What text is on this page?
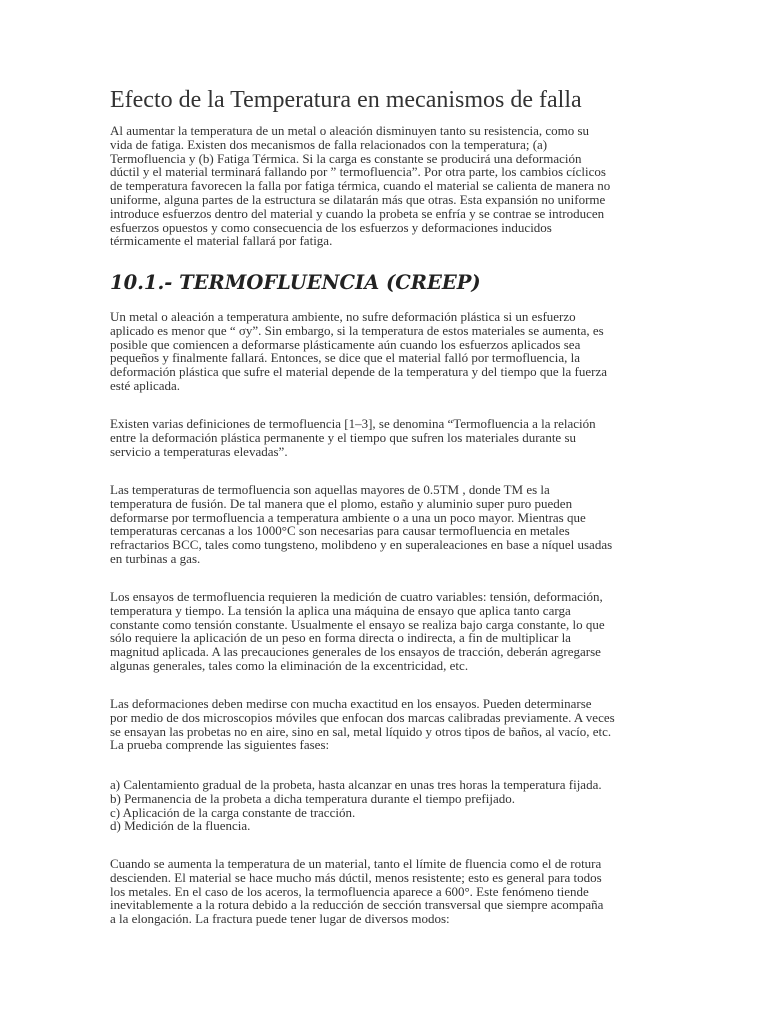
Efecto de la Temperatura en mecanismos de falla

Al aumentar la temperatura de un metal o aleación disminuyen tanto su resistencia, como su
vida de fatiga. Existen dos mecanismos de falla relacionados con la temperatura; (a)
Termofluencia y (b) Fatiga Térmica. Si la carga es constante se producirá una deformación
dúctil y el material terminará fallando por ” termofluencia”. Por otra parte, los cambios cíclicos
de temperatura favorecen la falla por fatiga térmica, cuando el material se calienta de manera no
uniforme, alguna partes de la estructura se dilatarán más que otras. Esta expansión no uniforme
introduce esfuerzos dentro del material y cuando la probeta se enfría y se contrae se introducen
esfuerzos opuestos y como consecuencia de los esfuerzos y deformaciones inducidos
térmicamente el material fallará por fatiga.

10.1.- TERMOFLUENCIA (CREEP)

Un metal o aleación a temperatura ambiente, no sufre deformación plástica si un esfuerzo
aplicado es menor que “ σy”. Sin embargo, si la temperatura de estos materiales se aumenta, es
posible que comiencen a deformarse plásticamente aún cuando los esfuerzos aplicados sea
pequeños y finalmente fallará. Entonces, se dice que el material falló por termofluencia, la
deformación plástica que sufre el material depende de la temperatura y del tiempo que la fuerza
esté aplicada.

Existen varias definiciones de termofluencia [1–3], se denomina “Termofluencia a la relación
entre la deformación plástica permanente y el tiempo que sufren los materiales durante su
servicio a temperaturas elevadas”.

Las temperaturas de termofluencia son aquellas mayores de 0.5TM , donde TM es la
temperatura de fusión. De tal manera que el plomo, estaño y aluminio super puro pueden
deformarse por termofluencia a temperatura ambiente o a una un poco mayor. Mientras que
temperaturas cercanas a los 1000°C son necesarias para causar termofluencia en metales
refractarios BCC, tales como tungsteno, molibdeno y en superaleaciones en base a níquel usadas
en turbinas a gas.

Los ensayos de termofluencia requieren la medición de cuatro variables: tensión, deformación,
temperatura y tiempo. La tensión la aplica una máquina de ensayo que aplica tanto carga
constante como tensión constante. Usualmente el ensayo se realiza bajo carga constante, lo que
sólo requiere la aplicación de un peso en forma directa o indirecta, a fin de multiplicar la
magnitud aplicada. A las precauciones generales de los ensayos de tracción, deberán agregarse
algunas generales, tales como la eliminación de la excentricidad, etc.

Las deformaciones deben medirse con mucha exactitud en los ensayos. Pueden determinarse
por medio de dos microscopios móviles que enfocan dos marcas calibradas previamente. A veces
se ensayan las probetas no en aire, sino en sal, metal líquido y otros tipos de baños, al vacío, etc.
La prueba comprende las siguientes fases:

a) Calentamiento gradual de la probeta, hasta alcanzar en unas tres horas la temperatura fijada.
b) Permanencia de la probeta a dicha temperatura durante el tiempo prefijado.
c) Aplicación de la carga constante de tracción.
d) Medición de la fluencia.

Cuando se aumenta la temperatura de un material, tanto el límite de fluencia como el de rotura
descienden. El material se hace mucho más dúctil, menos resistente; esto es general para todos
los metales. En el caso de los aceros, la termofluencia aparece a 600°. Este fenómeno tiende
inevitablemente a la rotura debido a la reducción de sección transversal que siempre acompaña
a la elongación. La fractura puede tener lugar de diversos modos:
